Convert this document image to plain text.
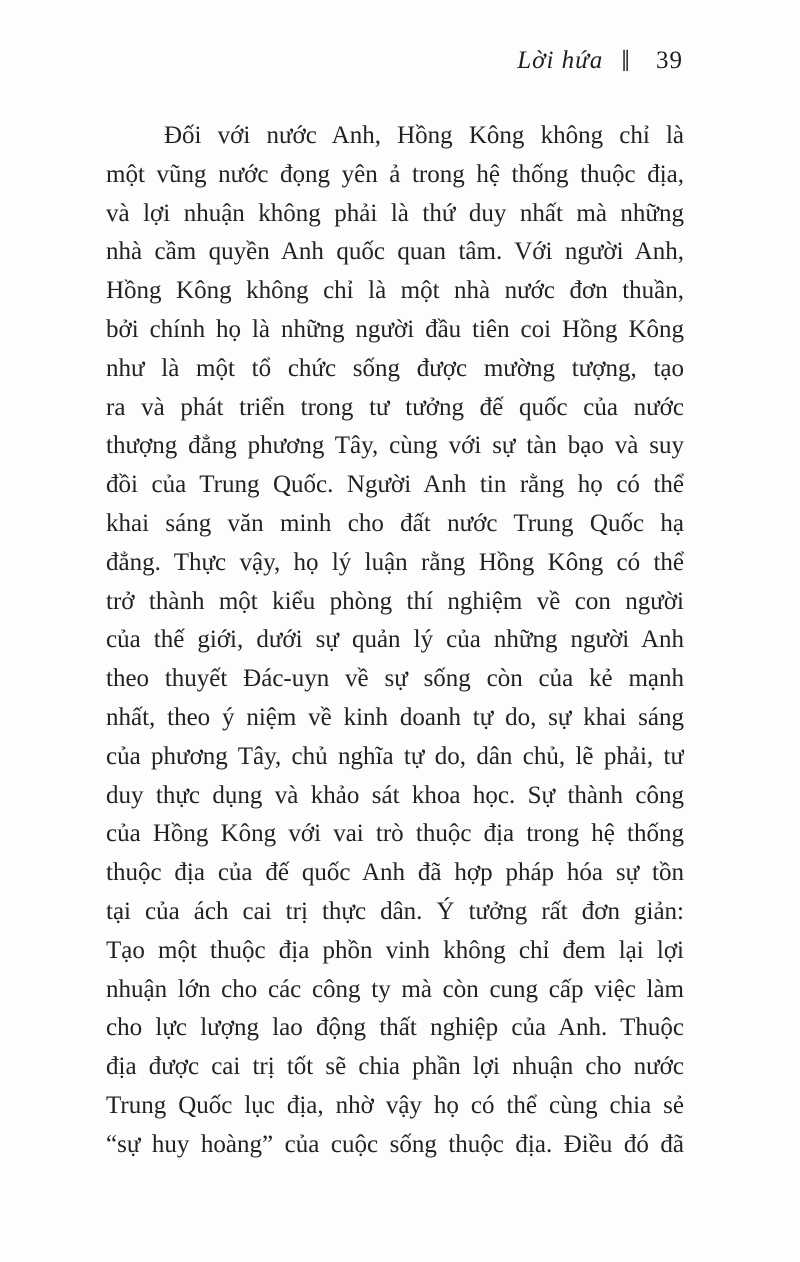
Lời hứa ‖ 39
Đối với nước Anh, Hồng Kông không chỉ là
một vũng nước đọng yên ả trong hệ thống thuộc địa,
và lợi nhuận không phải là thứ duy nhất mà những
nhà cầm quyền Anh quốc quan tâm. Với người Anh,
Hồng Kông không chỉ là một nhà nước đơn thuần,
bởi chính họ là những người đầu tiên coi Hồng Kông
như là một tổ chức sống được mường tượng, tạo
ra và phát triển trong tư tưởng đế quốc của nước
thượng đẳng phương Tây, cùng với sự tàn bạo và suy
đồi của Trung Quốc. Người Anh tin rằng họ có thể
khai sáng văn minh cho đất nước Trung Quốc hạ
đẳng. Thực vậy, họ lý luận rằng Hồng Kông có thể
trở thành một kiểu phòng thí nghiệm về con người
của thế giới, dưới sự quản lý của những người Anh
theo thuyết Đác-uyn về sự sống còn của kẻ mạnh
nhất, theo ý niệm về kinh doanh tự do, sự khai sáng
của phương Tây, chủ nghĩa tự do, dân chủ, lẽ phải, tư
duy thực dụng và khảo sát khoa học. Sự thành công
của Hồng Kông với vai trò thuộc địa trong hệ thống
thuộc địa của đế quốc Anh đã hợp pháp hóa sự tồn
tại của ách cai trị thực dân. Ý tưởng rất đơn giản:
Tạo một thuộc địa phồn vinh không chỉ đem lại lợi
nhuận lớn cho các công ty mà còn cung cấp việc làm
cho lực lượng lao động thất nghiệp của Anh. Thuộc
địa được cai trị tốt sẽ chia phần lợi nhuận cho nước
Trung Quốc lục địa, nhờ vậy họ có thể cùng chia sẻ
“sự huy hoàng” của cuộc sống thuộc địa. Điều đó đã
